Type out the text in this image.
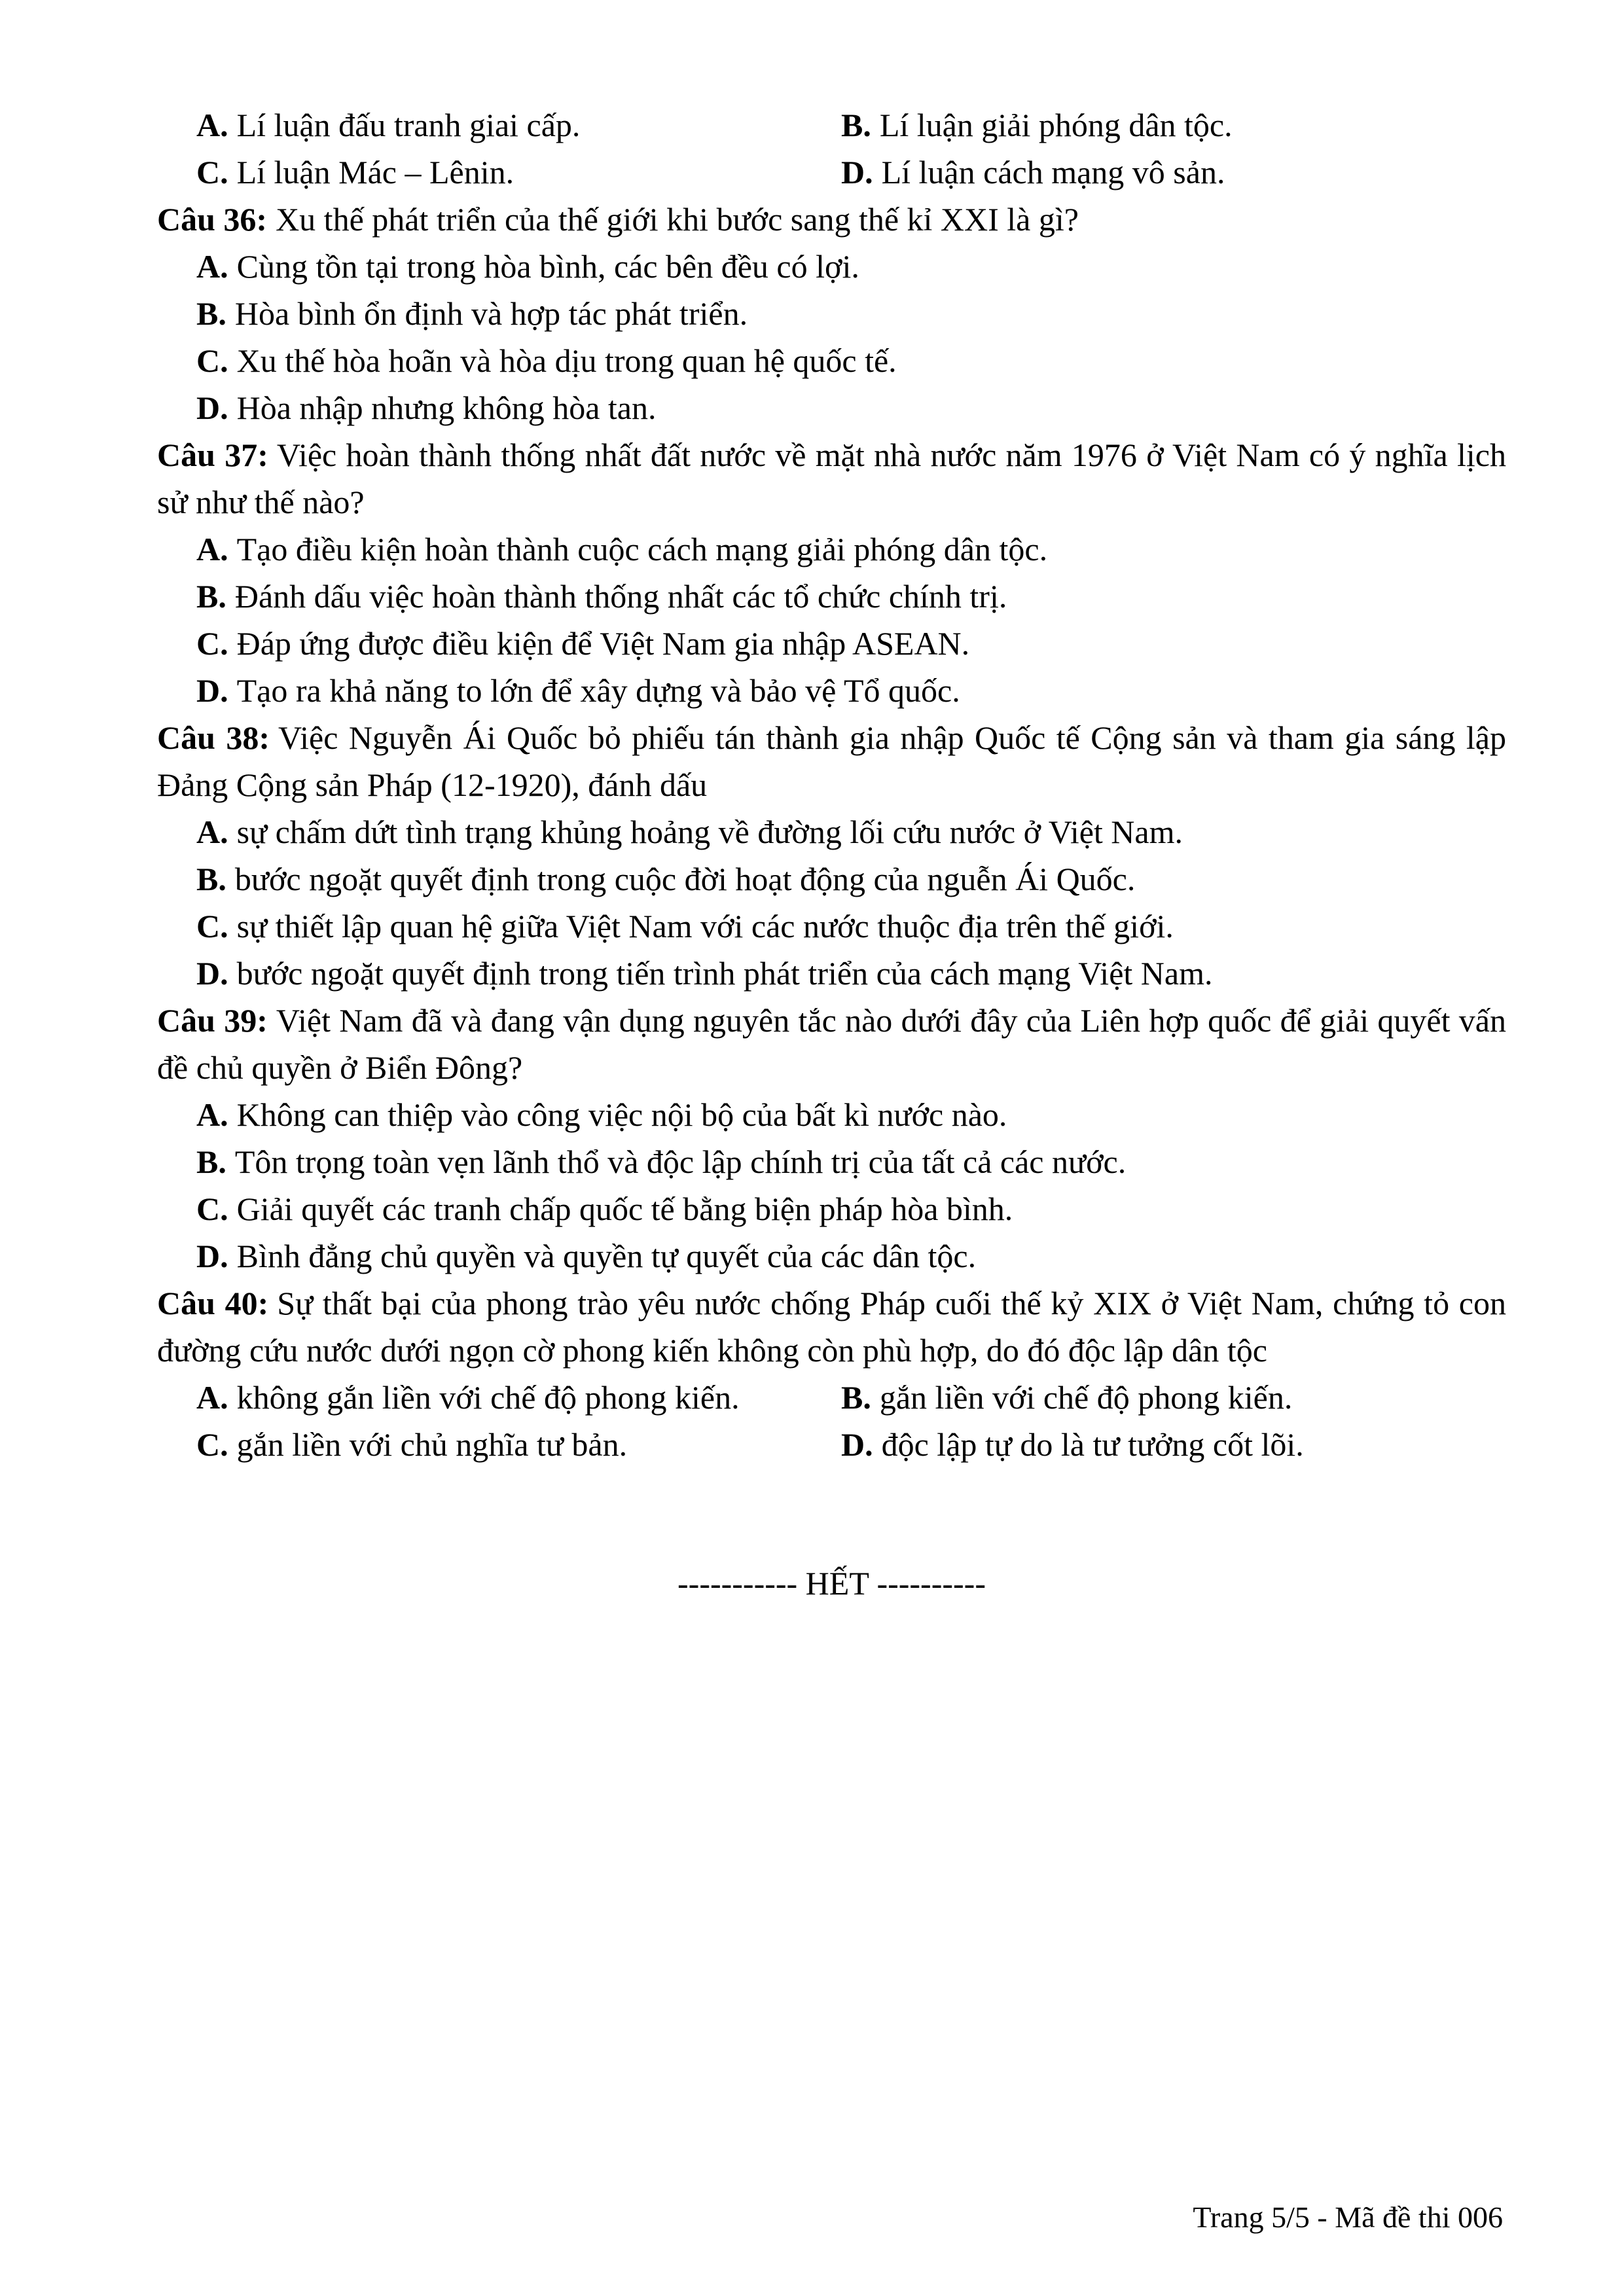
A. Lí luận đấu tranh giai cấp.	B. Lí luận giải phóng dân tộc.

C. Lí luận Mác – Lênin.	D. Lí luận cách mạng vô sản.

Câu 36: Xu thế phát triển của thế giới khi bước sang thế kỉ XXI là gì?

A. Cùng tồn tại trong hòa bình, các bên đều có lợi.

B. Hòa bình ổn định và hợp tác phát triển.

C. Xu thế hòa hoãn và hòa dịu trong quan hệ quốc tế.

D. Hòa nhập nhưng không hòa tan.

Câu 37: Việc hoàn thành thống nhất đất nước về mặt nhà nước năm 1976 ở Việt Nam có ý nghĩa lịch sử như thế nào?

A. Tạo điều kiện hoàn thành cuộc cách mạng giải phóng dân tộc.

B. Đánh dấu việc hoàn thành thống nhất các tổ chức chính trị.

C. Đáp ứng được điều kiện để Việt Nam gia nhập ASEAN.

D. Tạo ra khả năng to lớn để xây dựng và bảo vệ Tổ quốc.

Câu 38: Việc Nguyễn Ái Quốc bỏ phiếu tán thành gia nhập Quốc tế Cộng sản và tham gia sáng lập Đảng Cộng sản Pháp (12-1920), đánh dấu

A. sự chấm dứt tình trạng khủng hoảng về đường lối cứu nước ở Việt Nam.

B. bước ngoặt quyết định trong cuộc đời hoạt động của nguễn Ái Quốc.

C. sự thiết lập quan hệ giữa Việt Nam với các nước thuộc địa trên thế giới.

D. bước ngoặt quyết định trong tiến trình phát triển của cách mạng Việt Nam.

Câu 39: Việt Nam đã và đang vận dụng nguyên tắc nào dưới đây của Liên hợp quốc để giải quyết vấn đề chủ quyền ở Biển Đông?

A. Không can thiệp vào công việc nội bộ của bất kì nước nào.

B. Tôn trọng toàn vẹn lãnh thổ và độc lập chính trị của tất cả các nước.

C. Giải quyết các tranh chấp quốc tế bằng biện pháp hòa bình.

D. Bình đẳng chủ quyền và quyền tự quyết của các dân tộc.

Câu 40: Sự thất bại của phong trào yêu nước chống Pháp cuối thế kỷ XIX ở Việt Nam, chứng tỏ con đường cứu nước dưới ngọn cờ phong kiến không còn phù hợp, do đó độc lập dân tộc

A. không gắn liền với chế độ phong kiến.	B. gắn liền với chế độ phong kiến.

C. gắn liền với chủ nghĩa tư bản.	D. độc lập tự do là tư tưởng cốt lõi.

----------- HẾT ----------

Trang 5/5 - Mã đề thi 006
